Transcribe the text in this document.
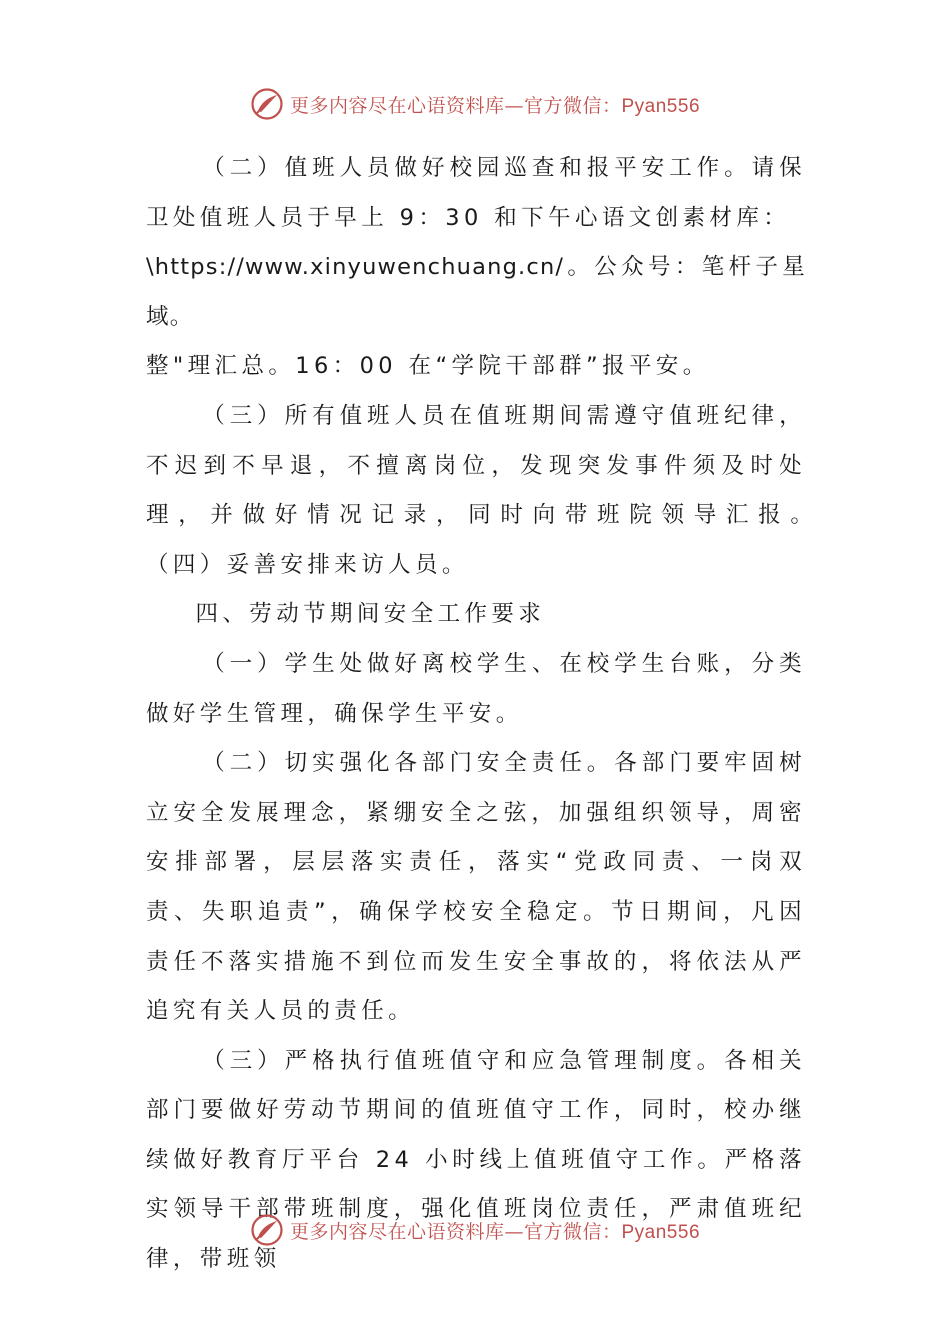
更多内容尽在心语资料库—官方微信：Pyan556

（二）值班人员做好校园巡查和报平安工作。请保卫处值班人员于早上 9：30 和下午心语文创素材库：

\https://www.xinyuwenchuang.cn/。公众号：笔杆子星域。

整"理汇总。16：00 在“学院干部群”报平安。

（三）所有值班人员在值班期间需遵守值班纪律，不迟到不早退，不擅离岗位，发现突发事件须及时处理，并做好情况记录，同时向带班院领导汇报。　　（四）妥善安排来访人员。

四、劳动节期间安全工作要求

（一）学生处做好离校学生、在校学生台账，分类做好学生管理，确保学生平安。

（二）切实强化各部门安全责任。各部门要牢固树立安全发展理念，紧绷安全之弦，加强组织领导，周密安排部署，层层落实责任，落实“党政同责、一岗双责、失职追责”，确保学校安全稳定。节日期间，凡因责任不落实措施不到位而发生安全事故的，将依法从严追究有关人员的责任。

（三）严格执行值班值守和应急管理制度。各相关部门要做好劳动节期间的值班值守工作，同时，校办继续做好教育厅平台 24 小时线上值班值守工作。严格落实领导干部带班制度，强化值班岗位责任，严肃值班纪律，带班领

更多内容尽在心语资料库—官方微信：Pyan556
